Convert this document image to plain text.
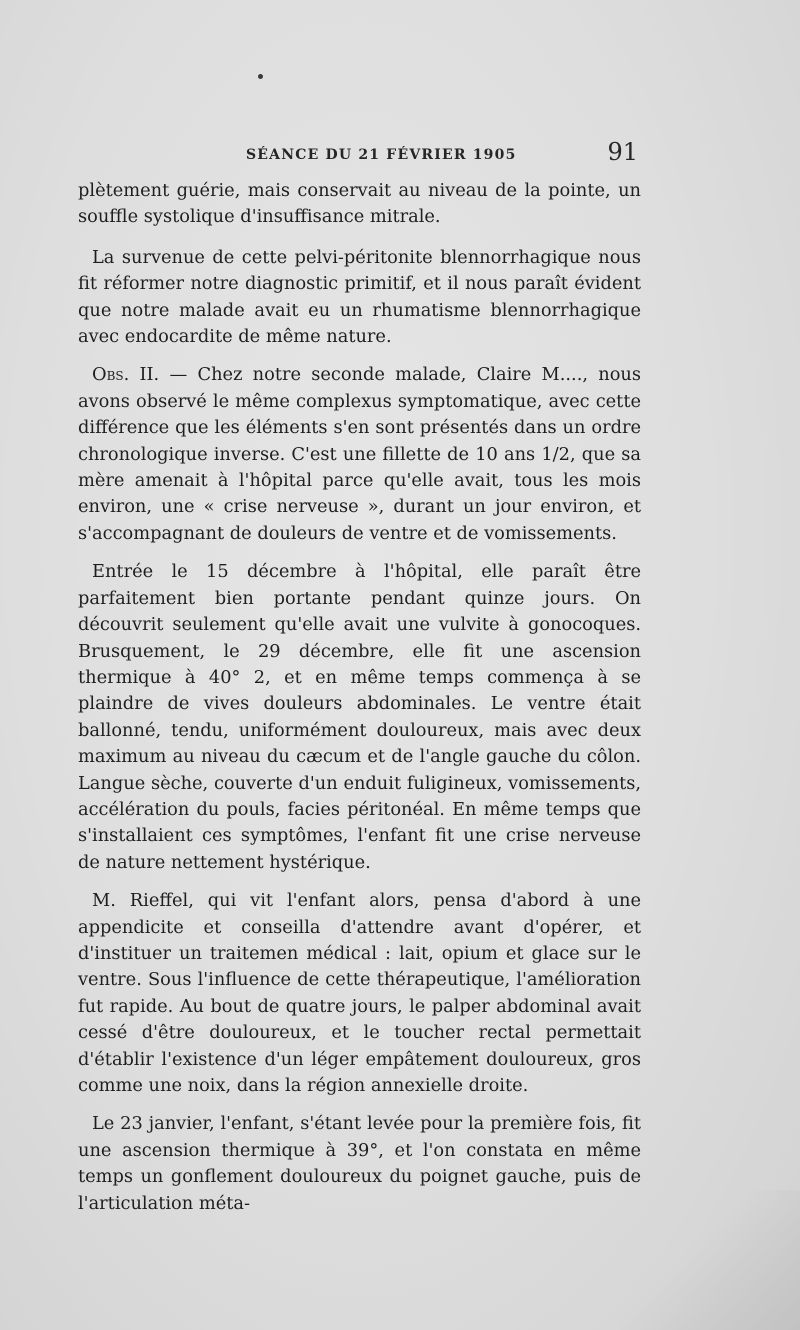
SÉANCE DU 21 FÉVRIER 1905	91

plètement guérie, mais conservait au niveau de la pointe, un souffle systolique d'insuffisance mitrale.

La survenue de cette pelvi-péritonite blennorrhagique nous fit réformer notre diagnostic primitif, et il nous paraît évident que notre malade avait eu un rhumatisme blennorrhagique avec endocardite de même nature.

Obs. II. — Chez notre seconde malade, Claire M...., nous avons observé le même complexus symptomatique, avec cette différence que les éléments s'en sont présentés dans un ordre chronologique inverse. C'est une fillette de 10 ans 1/2, que sa mère amenait à l'hôpital parce qu'elle avait, tous les mois environ, une « crise nerveuse », durant un jour environ, et s'accompagnant de douleurs de ventre et de vomissements.

Entrée le 15 décembre à l'hôpital, elle paraît être parfaitement bien portante pendant quinze jours. On découvrit seulement qu'elle avait une vulvite à gonocoques. Brusquement, le 29 décembre, elle fit une ascension thermique à 40° 2, et en même temps commença à se plaindre de vives douleurs abdominales. Le ventre était ballonné, tendu, uniformément douloureux, mais avec deux maximum au niveau du cæcum et de l'angle gauche du côlon. Langue sèche, couverte d'un enduit fuligineux, vomissements, accélération du pouls, facies péritonéal. En même temps que s'installaient ces symptômes, l'enfant fit une crise nerveuse de nature nettement hystérique.

M. Rieffel, qui vit l'enfant alors, pensa d'abord à une appendicite et conseilla d'attendre avant d'opérer, et d'instituer un traitemen médical : lait, opium et glace sur le ventre. Sous l'influence de cette thérapeutique, l'amélioration fut rapide. Au bout de quatre jours, le palper abdominal avait cessé d'être douloureux, et le toucher rectal permettait d'établir l'existence d'un léger empâtement douloureux, gros comme une noix, dans la région annexielle droite.

Le 23 janvier, l'enfant, s'étant levée pour la première fois, fit une ascension thermique à 39°, et l'on constata en même temps un gonflement douloureux du poignet gauche, puis de l'articulation méta-
